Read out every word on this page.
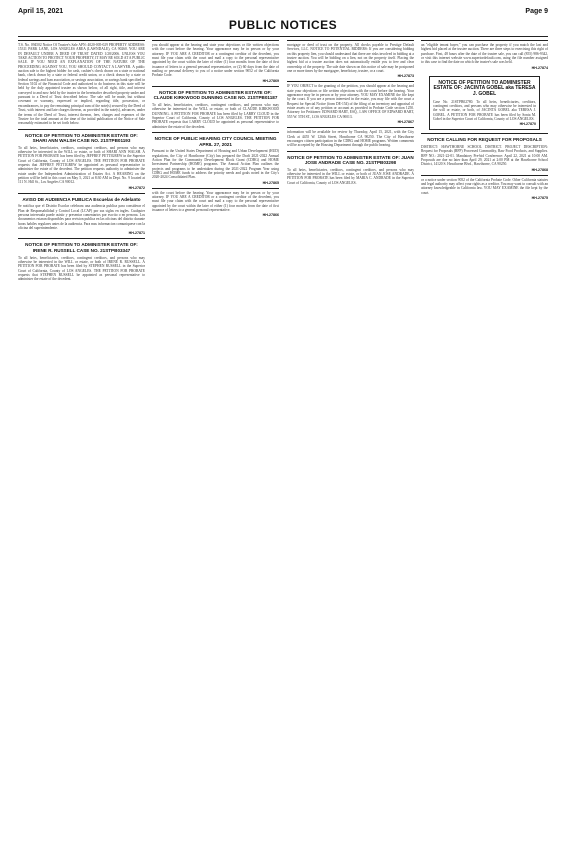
April 15, 2021	Page 9
PUBLIC NOTICES
T.S. No. 094502 Notice Of Trustee's Sale APN: 4020-005-029 PROPERTY ADDRESS: 15311 PARK LANE, LOS ANGELES AREA (LAWNDALE), CA 90260. YOU ARE IN DEFAULT UNDER A DEED OF TRUST DATED 1/28/2006. UNLESS YOU TAKE ACTION TO PROTECT YOUR PROPERTY, IT MAY BE SOLD AT A PUBLIC SALE. IF YOU NEED AN EXPLANATION OF THE NATURE OF THE PROCEEDING AGAINST YOU, YOU SHOULD CONTACT A LAWYER. A public auction sale to the highest bidder for cash, cashier's check drawn on a state or national bank, check drawn by a state or federal credit union, or a check drawn by a state or federal savings and loan association, or savings association, or savings bank specified in Section 5102 of the Financial Code and authorized to do business in this state will be held by the duly appointed trustee as shown below, of all right, title, and interest conveyed to and now held by the trustee in the hereinafter described property under and pursuant to a Deed of Trust described below. The sale will be made, but without covenant or warranty, expressed or implied, regarding title, possession, or encumbrances, to pay the remaining principal sum of the note(s) secured by the Deed of Trust, with interest and late charges thereon, as provided in the note(s), advances, under the terms of the Deed of Trust, interest thereon, fees, charges and expenses of the Trustee for the total amount at the time of the initial publication of the Notice of Sale reasonably estimated to be set forth below.
NOTICE OF PETITION TO ADMINISTER ESTATE OF: SHARI ANN WALSH CASE NO. 21STPB01193
To all heirs, beneficiaries, creditors, contingent creditors, and persons who may otherwise be interested in the WILL or estate, or both of SHARI ANN WALSH. A PETITION FOR PROBATE has been filed by JEFFREY PETTIGREW in the Superior Court of California, County of LOS ANGELES. THE PETITION FOR PROBATE requests that JEFFREY PETTIGREW be appointed as personal representative to administer the estate of the decedent. The petition requests authority to administer the estate under the Independent Administration of Estates Act. A HEARING on the petition will be held in this court on May 5, 2021 at 8:30 AM in Dept. No. 9 located at 111 N. Hill St., Los Angeles CA 90012.
HH-27872
AVISO DE AUDIENCIA PUBLICA Escuelas de Adelanto
Se notifica que el Distrito Escolar celebrara una audiencia publica para considerar el Plan de Responsabilidad y Control Local (LCAP) por sus siglas en ingles. Cualquier persona interesada puede asistir y presentar comentarios por escrito o en persona. Los documentos estaran disponibles para revision publica en las oficinas del distrito durante horas habiles regulares antes de la audiencia. Para mas informacion comuniquese con la oficina del superintendente.
HH-27871
NOTICE OF PETITION TO ADMINISTER ESTATE OF: IRENE R. RUSSELL CASE NO. 21STPB03347
To all heirs, beneficiaries, creditors, contingent creditors, and persons who may otherwise be interested in the WILL or estate, or both of IRENE R. RUSSELL. A PETITION FOR PROBATE has been filed by STEPHEN RUSSELL in the Superior Court of California, County of LOS ANGELES. THE PETITION FOR PROBATE requests that STEPHEN RUSSELL be appointed as personal representative to administer the estate of the decedent.
you should appear at the hearing and state your objections or file written objections with the court before the hearing. Your appearance may be in person or by your attorney. IF YOU ARE A CREDITOR or a contingent creditor of the decedent, you must file your claim with the court and mail a copy to the personal representative appointed by the court within the later of either (1) four months from the date of first issuance of letters to a general personal representative, or (2) 60 days from the date of mailing or personal delivery to you of a notice under section 9052 of the California Probate Code.
HH-27869
NOTICE OF PETITION TO ADMINISTER ESTATE OF: CLAUDE KIRKWOOD DUNNING CASE NO. 21STPB01187
To all heirs, beneficiaries, creditors, contingent creditors, and persons who may otherwise be interested in the WILL or estate, or both of CLAUDE KIRKWOOD DUNNING. A PETITION FOR PROBATE has been filed by LARRY CLOUD in the Superior Court of California, County of LOS ANGELES. THE PETITION FOR PROBATE requests that LARRY CLOUD be appointed as personal representative to administer the estate of the decedent.
NOTICE OF PUBLIC HEARING CITY COUNCIL MEETING APRIL 27, 2021
Pursuant to the United States Department of Housing and Urban Development (HUD) regulations, the City of Hawthorne (City) has prepared the Draft 2021-2022 Annual Action Plan for the Community Development Block Grant (CDBG) and HOME Investment Partnership (HOME) programs. The Annual Action Plan outlines the projects and programs to be undertaken during the 2021-2022 Program Year using CDBG and HOME funds to address the priority needs and goals noted in the City's 2020-2024 Consolidated Plan.
HH-27865
with the court before the hearing. Your appearance may be in person or by your attorney. IF YOU ARE A CREDITOR or a contingent creditor of the decedent, you must file your claim with the court and mail a copy to the personal representative appointed by the court within the later of either (1) four months from the date of first issuance of letters to a general personal representative.
HH-27866
mortgage or deed of trust on the property. All checks payable to Prestige Default Services, LLC. NOTICE TO POTENTIAL BIDDERS: If you are considering bidding on this property lien, you should understand that there are risks involved in bidding at a trustee auction. You will be bidding on a lien, not on the property itself. Placing the highest bid at a trustee auction does not automatically entitle you to free and clear ownership of the property. The sale date shown on this notice of sale may be postponed one or more times by the mortgagee, beneficiary, trustee, or a court.
HH-27873
IF YOU OBJECT to the granting of the petition, you should appear at the hearing and state your objections or file written objections with the court before the hearing. Your appearance may be in person or by your attorney. YOU MAY EXAMINE the file kept by the court. If you are a person interested in the estate, you may file with the court a Request for Special Notice (form DE-154) of the filing of an inventory and appraisal of estate assets or of any petition or account as provided in Probate Code section 1250. Attorney for Petitioner: EDWARD HART, ESQ., LAW OFFICE OF EDWARD HART, 555 W. 5TH ST., LOS ANGELES CA 90013.
HH-27867
information will be available for review by Thursday, April 15, 2021, with the City Clerk at 4455 W. 126th Street, Hawthorne CA 90250. The City of Hawthorne encourages citizen participation in the CDBG and HOME programs. Written comments will be accepted by the Housing Department through the public hearing.
NOTICE OF PETITION TO ADMINISTER ESTATE OF: JUAN JOSE ANDRADE CASE NO. 21STPB03298
To all heirs, beneficiaries, creditors, contingent creditors, and persons who may otherwise be interested in the WILL or estate, or both of JUAN JOSE ANDRADE. A PETITION FOR PROBATE has been filed by MARIA C. ANDRADE in the Superior Court of California, County of LOS ANGELES.
an "eligible tenant buyer," you can purchase the property if you match the last and highest bid placed at the trustee auction. There are three steps to exercising this right of purchase. First, 48 hours after the date of the trustee sale, you can call (855) 986-9342, or visit this internet website www.superiordefault.com, using the file number assigned to this case to find the date on which the trustee's sale was held.
HH-27874
NOTICE OF PETITION TO ADMINISTER ESTATE OF: JACINTA GOBEL aka TERESA J. GOBEL
Case No. 21STPB02780. To all heirs, beneficiaries, creditors, contingent creditors, and persons who may otherwise be interested in the will or estate, or both, of JACINTA GOBEL aka TERESA J. GOBEL. A PETITION FOR PROBATE has been filed by Sonia M. Gobel in the Superior Court of California, County of LOS ANGELES.
HH-27870
NOTICE CALLING FOR REQUEST FOR PROPOSALS
DISTRICT: HAWTHORNE SCHOOL DISTRICT. PROJECT DESCRIPTION: Request for Proposals (RFP) Processed Commodity, Raw Food Products, and Supplies. RFP NO.: 2021-22-01. Mandatory Pre-bid Conference: April 22, 2021 at 10:00 AM. Proposals are due no later than April 29, 2021 at 2:00 PM at the Hawthorne School District, 14120 S. Hawthorne Blvd., Hawthorne, CA 90250.
HH-27868
or a notice under section 9052 of the California Probate Code. Other California statutes and legal authority may affect your rights as a creditor. You may want to consult with an attorney knowledgeable in California law. YOU MAY EXAMINE the file kept by the court.
HH-27875
